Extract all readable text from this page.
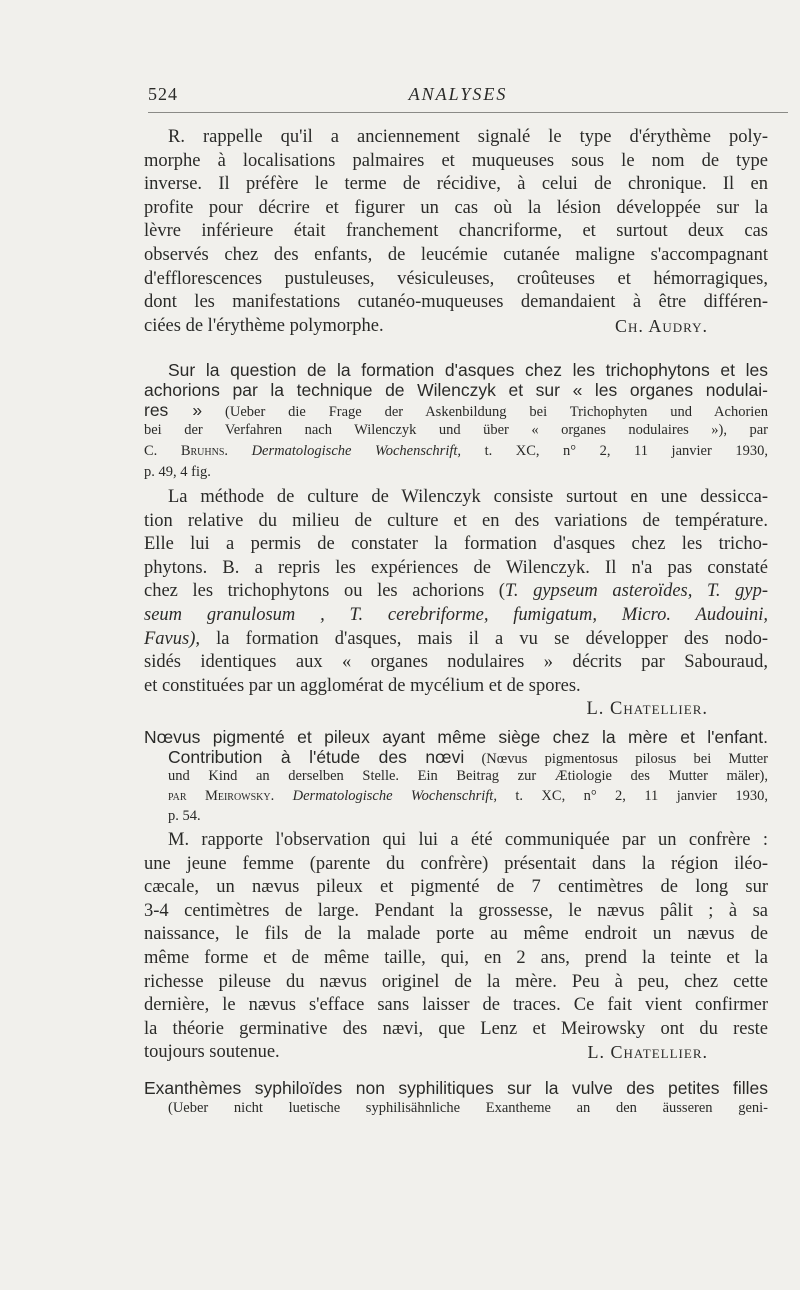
524	ANALYSES
R. rappelle qu'il a anciennement signalé le type d'érythème poly-
morphe à localisations palmaires et muqueuses sous le nom de type
inverse. Il préfère le terme de récidive, à celui de chronique. Il en
profite pour décrire et figurer un cas où la lésion développée sur la
lèvre inférieure était franchement chancriforme, et surtout deux cas
observés chez des enfants, de leucémie cutanée maligne s'accompagnant
d'efflorescences pustuleuses, vésiculeuses, croûteuses et hémorragiques,
dont les manifestations cutanéo-muqueuses demandaient à être différen-
ciées de l'érythème polymorphe.	Ch. Audry.
Sur la question de la formation d'asques chez les trichophytons et les
achorions par la technique de Wilenczyk et sur « les organes nodulai-
res » (Ueber die Frage der Askenbildung bei Trichophyten und Achorien
bei der Verfahren nach Wilenczyk und über « organes nodulaires »), par
C. Bruhns. Dermatologische Wochenschrift, t. XC, n° 2, 11 janvier 1930,
p. 49, 4 fig.
La méthode de culture de Wilenczyk consiste surtout en une dessicca-
tion relative du milieu de culture et en des variations de température.
Elle lui a permis de constater la formation d'asques chez les tricho-
phytons. B. a repris les expériences de Wilenczyk. Il n'a pas constaté
chez les trichophytons ou les achorions (T. gypseum asteroïdes, T. gyp-
seum granulosum , T. cerebriforme, fumigatum, Micro. Audouini,
Favus), la formation d'asques, mais il a vu se développer des nodo-
sidés identiques aux « organes nodulaires » décrits par Sabouraud,
et constituées par un agglomérat de mycélium et de spores.
L. Chatellier.
Nœvus pigmenté et pileux ayant même siège chez la mère et l'enfant.
Contribution à l'étude des nœvi (Nœvus pigmentosus pilosus bei Mutter
und Kind an derselben Stelle. Ein Beitrag zur Ætiologie des Mutter mäler),
par Meirowsky. Dermatologische Wochenschrift, t. XC, n° 2, 11 janvier 1930,
p. 54.
M. rapporte l'observation qui lui a été communiquée par un confrère :
une jeune femme (parente du confrère) présentait dans la région iléo-
cæcale, un nævus pileux et pigmenté de 7 centimètres de long sur
3-4 centimètres de large. Pendant la grossesse, le nævus pâlit ; à sa
naissance, le fils de la malade porte au même endroit un nævus de
même forme et de même taille, qui, en 2 ans, prend la teinte et la
richesse pileuse du nævus originel de la mère. Peu à peu, chez cette
dernière, le nævus s'efface sans laisser de traces. Ce fait vient confirmer
la théorie germinative des nævi, que Lenz et Meirowsky ont du reste
toujours soutenue.	L. Chatellier.
Exanthèmes syphiloïdes non syphilitiques sur la vulve des petites filles
(Ueber nicht luetische syphilisähnliche Exantheme an den äusseren geni-
